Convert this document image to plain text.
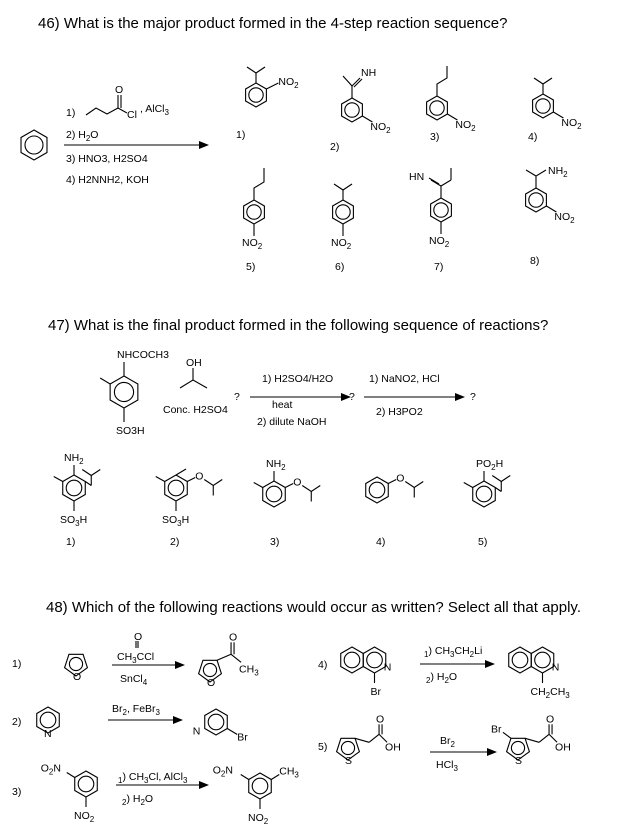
46) What is the major product formed in the 4-step reaction sequence?
O
1)	Cl , AlCl$_3$
2) $H_2O$
3) HNO3, H2SO4
4) H2NNH2, KOH
$NO_2$
1)
NH
$NO_2$
2)
$NO_2$
3)
$NO_2$
4)
$NO_2$
5)
$NO_2$
6)
HN
$NO_2$
7)
$NH_2$
$NO_2$
8)
47) What is the final product formed in the following sequence of reactions?
NHCOCH3
SO3H
OH
Conc. H2SO4
?
1) H2SO4/H2O
heat
2) dilute NaOH
?
1) NaNO2, HCl
2) H3PO2
?
$NH_2$
$SO_3H$
1)
O
$SO_3H$
2)
$NH_2$
O
3)
O
4)
$PO_2H$
5)
48) Which of the following reactions would occur as written? Select all that apply.
1)
2)
3)
4)
5)
O
O
$CH_3CCl$
SnCl$_4$	O
O
$CH_3$
N
$Br_2$, FeBr$_3$
N	Br
$O_2N$
$NO_2$
$_1$) $CH_3Cl$, AlCl$_3$
$_2$) $H_2O$
$O_2N$	$CH_3$
$NO_2$
N
Br
$_1$) $CH_3CH_2Li$
$_2$) $H_2O$
N
$CH_2CH_3$
S
O
OH
$Br_2$
HCl$_3$
S
Br
O
OH
